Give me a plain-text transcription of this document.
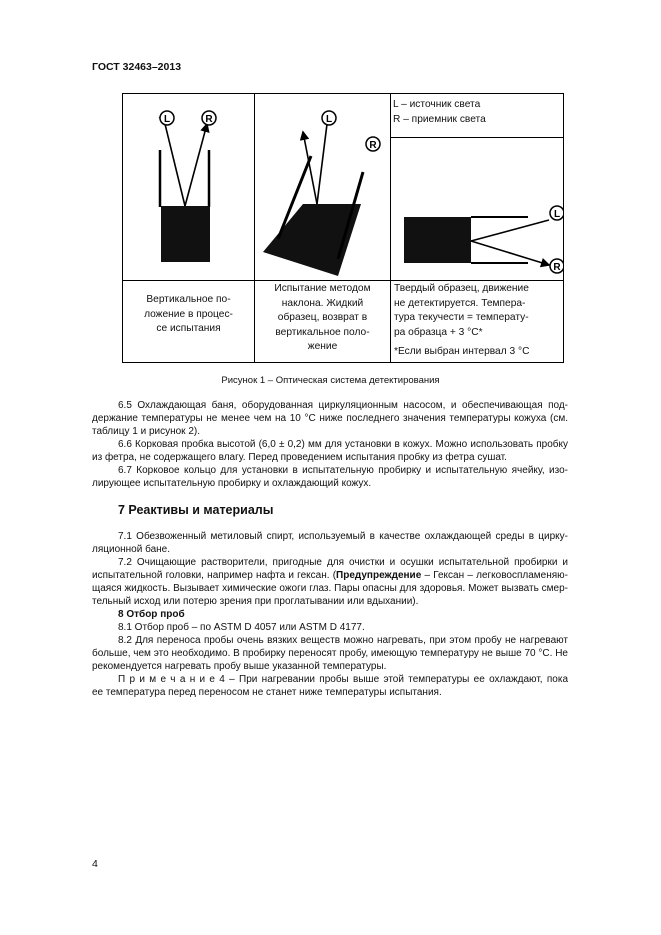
ГОСТ 32463–2013
L	L
L
R
R
R
L – источник света
R – приемник света
Вертикальное по-
ложение в процес-
се испытания
Испытание методом
наклона. Жидкий
образец, возврат в
вертикальное поло-
жение
Твердый образец, движение
не детектируется. Темпера-
тура текучести = температу-
ра образца + 3 °С*
*Если выбран интервал 3 °С
Рисунок 1 – Оптическая система детектирования
6.5 Охлаждающая баня, оборудованная циркуляционным насосом, и обеспечивающая под-
держание температуры не менее чем на 10 °С ниже последнего значения температуры кожуха (см.
таблицу 1 и рисунок 2).
6.6 Корковая пробка высотой (6,0 ± 0,2) мм для установки в кожух. Можно использовать пробку
из фетра, не содержащего влагу. Перед проведением испытания пробку из фетра сушат.
6.7 Корковое кольцо для установки в испытательную пробирку и испытательную ячейку, изо-
лирующее испытательную пробирку и охлаждающий кожух.
7 Реактивы и материалы
7.1 Обезвоженный метиловый спирт, используемый в качестве охлаждающей среды в цирку-
ляционной бане.
7.2 Очищающие растворители, пригодные для очистки и осушки испытательной пробирки и
испытательной головки, например нафта и гексан. (Предупреждение – Гексан – легковоспламеняю-
щаяся жидкость. Вызывает химические ожоги глаз. Пары опасны для здоровья. Может вызвать смер-
тельный исход или потерю зрения при проглатывании или вдыхании).
8 Отбор проб
8.1 Отбор проб – по ASTM D 4057 или ASTM D 4177.
8.2 Для переноса пробы очень вязких веществ можно нагревать, при этом пробу не нагревают
больше, чем это необходимо. В пробирку переносят пробу, имеющую температуру не выше 70 °С. Не
рекомендуется нагревать пробу выше указанной температуры.
П р и м е ч а н и е 4 – При нагревании пробы выше этой температуры ее охлаждают, пока
ее температура перед переносом не станет ниже температуры испытания.
4
